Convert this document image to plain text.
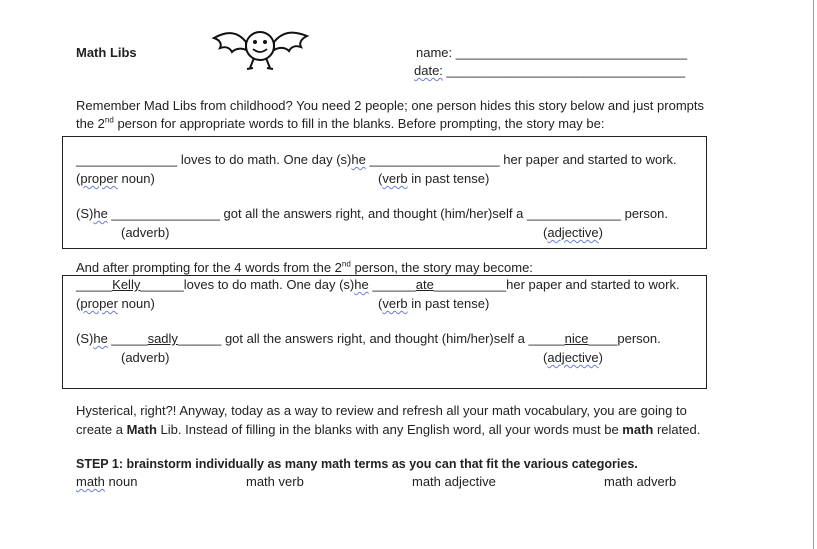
Math Libs	name: ________________________________
date: _________________________________
Remember Mad Libs from childhood? You need 2 people; one person hides this story below and just prompts
the 2nd person for appropriate words to fill in the blanks. Before prompting, the story may be:
______________ loves to do math. One day (s)he __________________ her paper and started to work.
(proper noun)	(verb in past tense)
(S)he _______________ got all the answers right, and thought (him/her)self a _____________ person.
(adverb)	(adjective)
And after prompting for the 4 words from the 2nd person, the story may become:
_____Kelly______loves to do math. One day (s)he ______ate__________her paper and started to work.
(proper noun)	(verb in past tense)
(S)he _____sadly______ got all the answers right, and thought (him/her)self a _____nice____person.
(adverb)	(adjective)
Hysterical, right?! Anyway, today as a way to review and refresh all your math vocabulary, you are going to
create a Math Lib. Instead of filling in the blanks with any English word, all your words must be math related.
STEP 1: brainstorm individually as many math terms as you can that fit the various categories.
math noun	math verb	math adjective	math adverb
